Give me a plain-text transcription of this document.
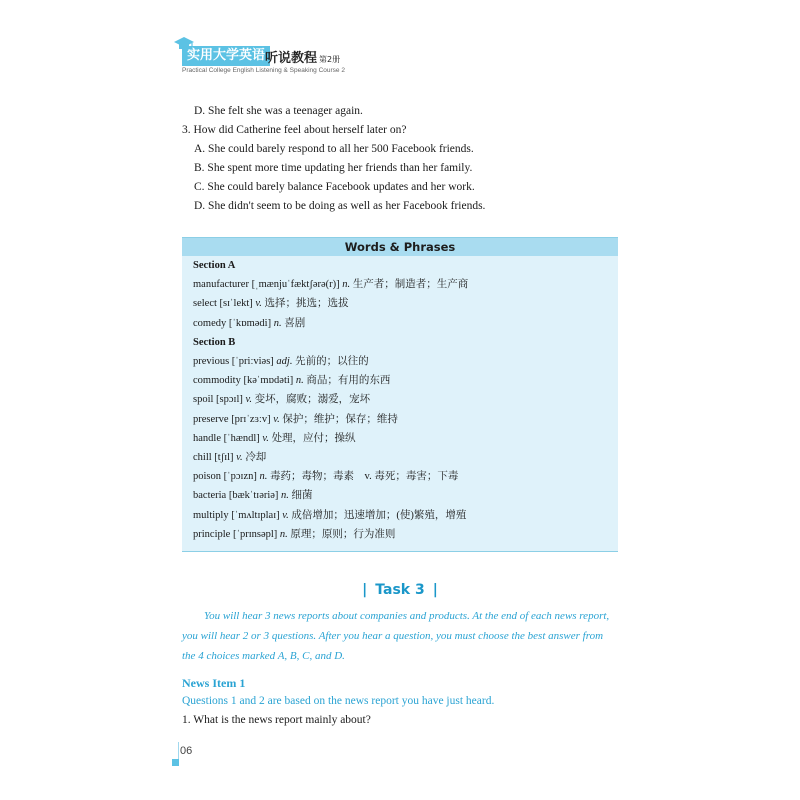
实用大学英语 听说教程 第2册
Practical College English Listening & Speaking Course 2
D. She felt she was a teenager again.
3. How did Catherine feel about herself later on?
A. She could barely respond to all her 500 Facebook friends.
B. She spent more time updating her friends than her family.
C. She could barely balance Facebook updates and her work.
D. She didn't seem to be doing as well as her Facebook friends.
Words & Phrases
Section A
manufacturer [ˌmænjuˈfæktʃərə(r)] n. 生产者；制造者；生产商
select [sɪˈlekt] v. 选择；挑选；选拔
comedy [ˈkɒmədi] n. 喜剧
Section B
previous [ˈpriːviəs] adj. 先前的；以往的
commodity [kəˈmɒdəti] n. 商品；有用的东西
spoil [spɔɪl] v. 变坏，腐败；溺爱，宠坏
preserve [prɪˈzɜːv] v. 保护；维护；保存；维持
handle [ˈhændl] v. 处理，应付；操纵
chill [tʃɪl] v. 冷却
poison [ˈpɔɪzn] n. 毒药；毒物；毒素　v. 毒死；毒害；下毒
bacteria [bækˈtɪəriə] n. 细菌
multiply [ˈmʌltɪplaɪ] v. 成倍增加；迅速增加；(使)繁殖，增殖
principle [ˈprɪnsəpl] n. 原理；原则；行为准则
| Task 3 |
You will hear 3 news reports about companies and products. At the end of each news report,
you will hear 2 or 3 questions. After you hear a question, you must choose the best answer from
the 4 choices marked A, B, C, and D.
News Item 1
Questions 1 and 2 are based on the news report you have just heard.
1. What is the news report mainly about?
06
